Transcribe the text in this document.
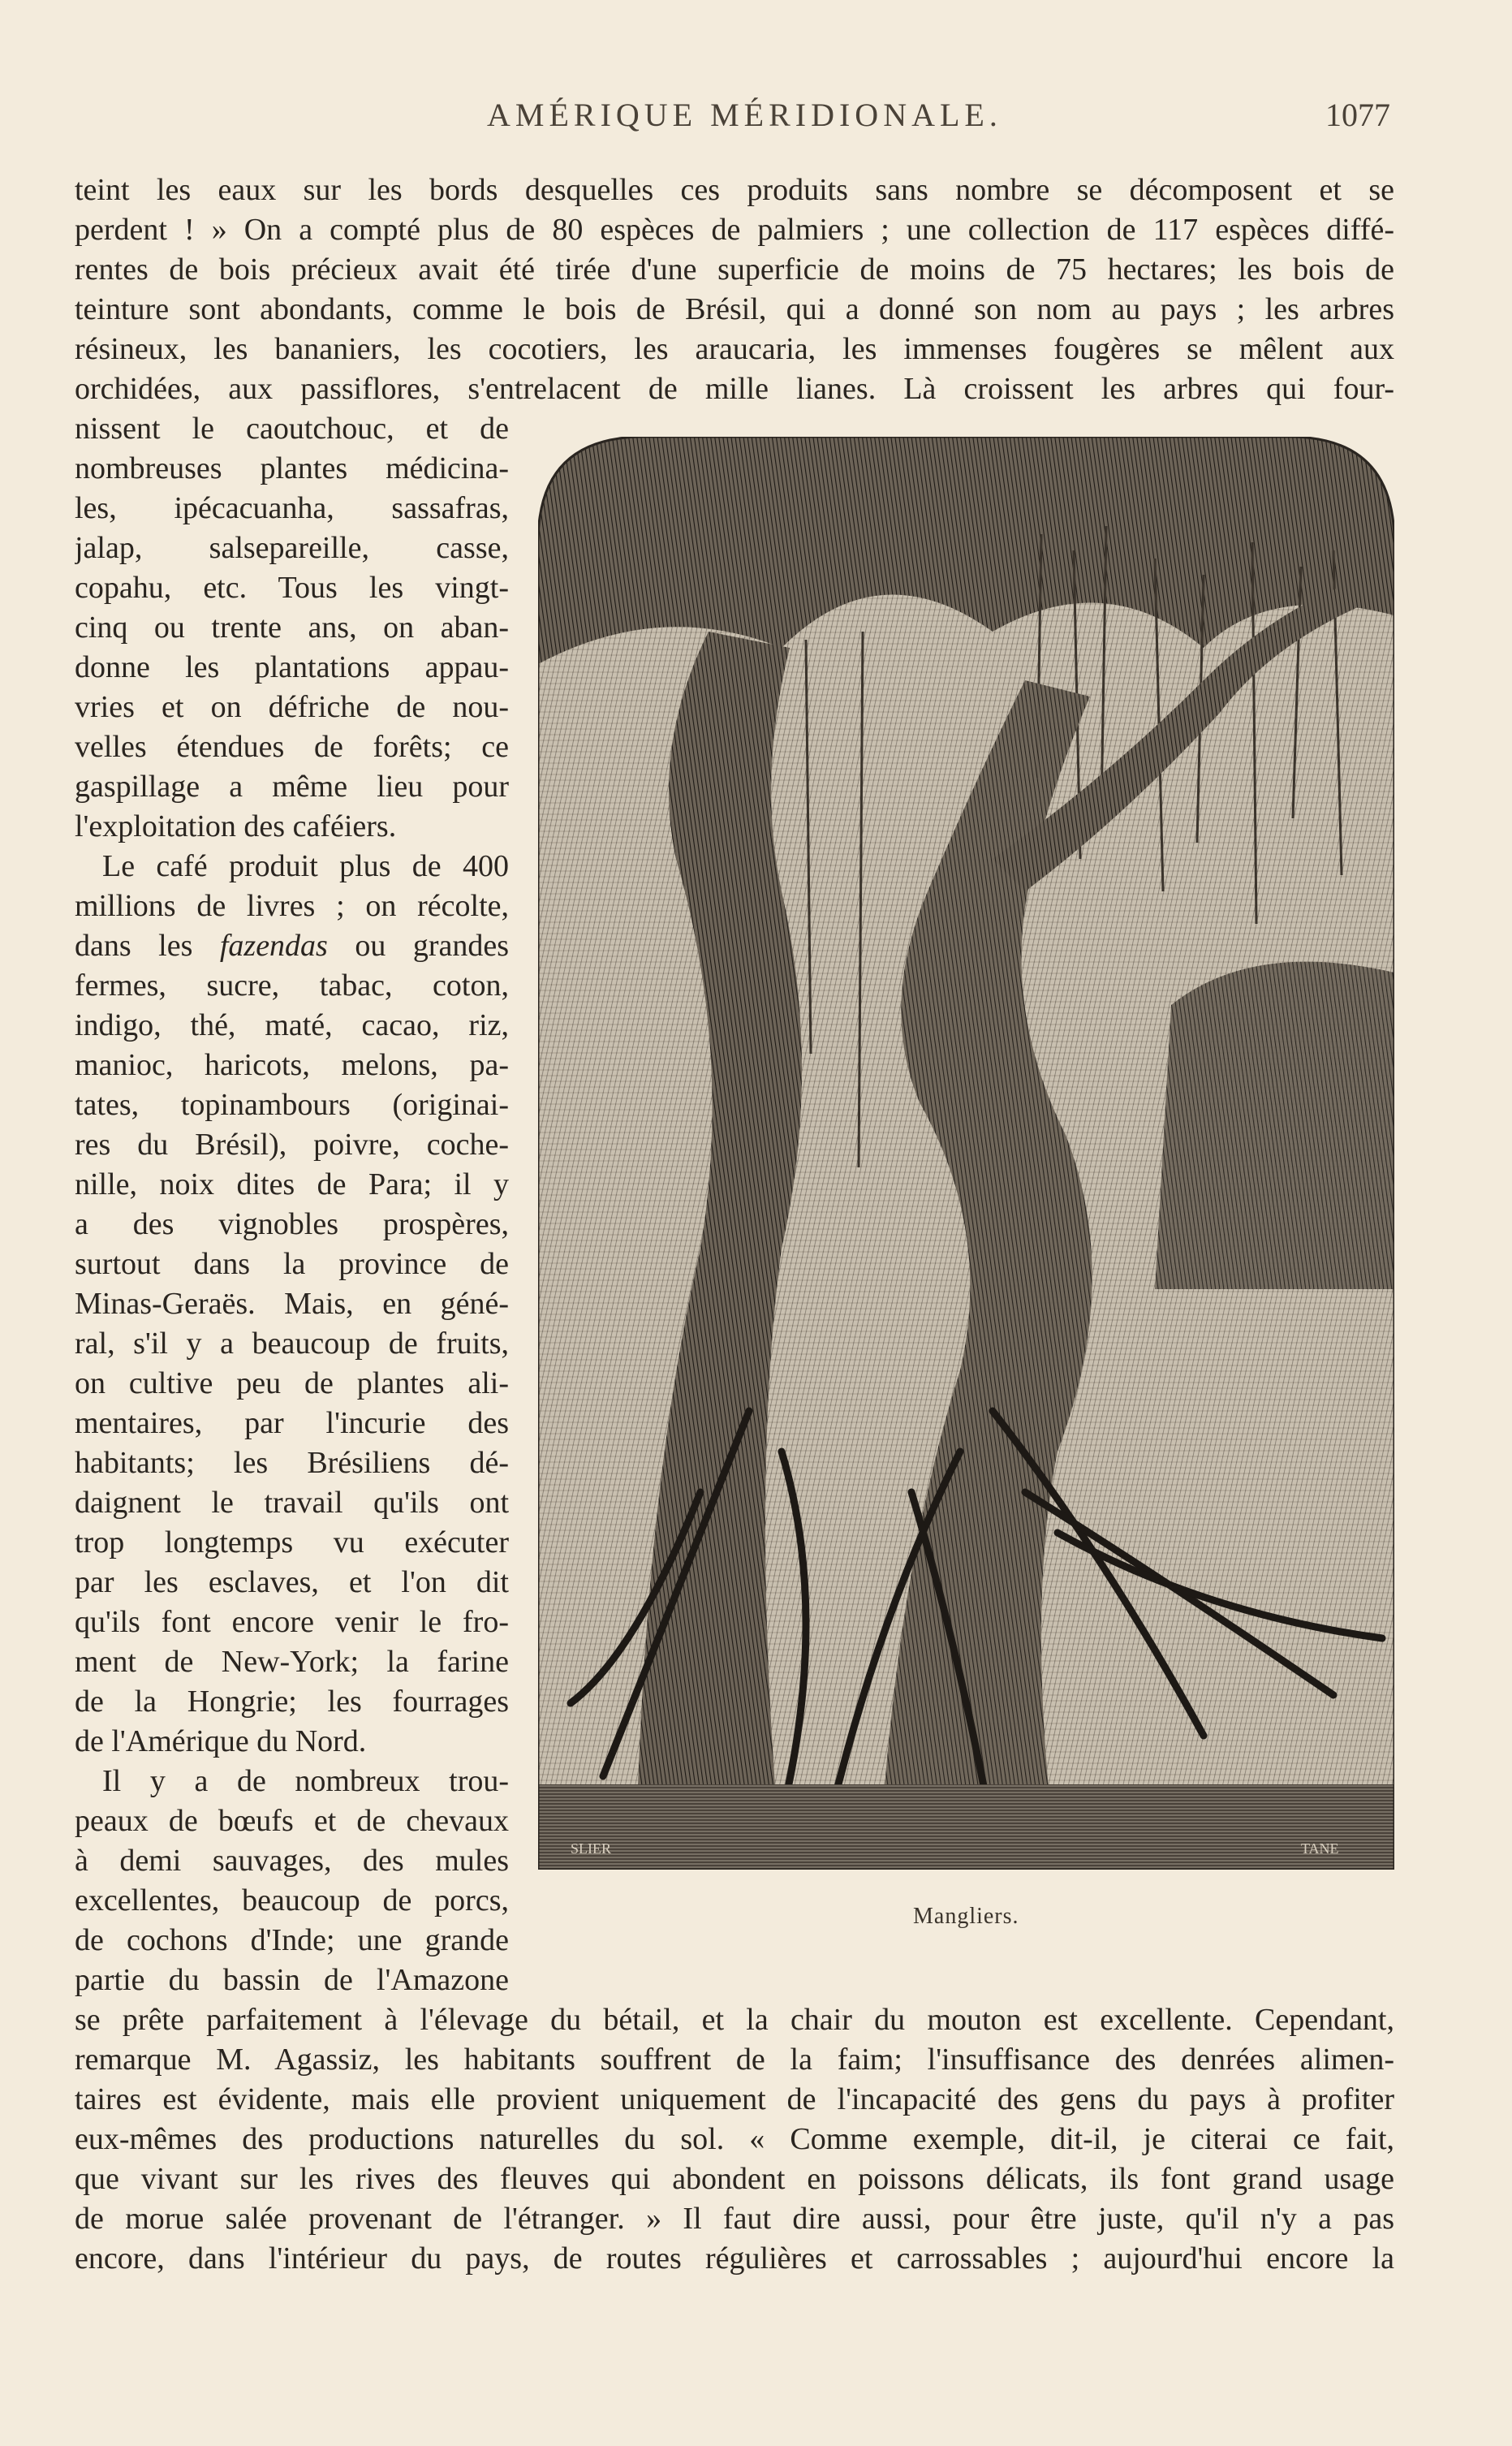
AMÉRIQUE MÉRIDIONALE.	1077
teint les eaux sur les bords desquelles ces produits sans nombre se décomposent et se
perdent ! » On a compté plus de 80 espèces de palmiers ; une collection de 117 espèces diffé-
rentes de bois précieux avait été tirée d'une superficie de moins de 75 hectares; les bois de
teinture sont abondants, comme le bois de Brésil, qui a donné son nom au pays ; les arbres
résineux, les bananiers, les cocotiers, les araucaria, les immenses fougères se mêlent aux
orchidées, aux passiflores, s'entrelacent de mille lianes. Là croissent les arbres qui four-
nissent le caoutchouc, et de
nombreuses plantes médicina-
les, ipécacuanha, sassafras,
jalap, salsepareille, casse,
copahu, etc. Tous les vingt-
cinq ou trente ans, on aban-
donne les plantations appau-
vries et on défriche de nou-
velles étendues de forêts; ce
gaspillage a même lieu pour
l'exploitation des caféiers.
Le café produit plus de 400
millions de livres ; on récolte,
dans les fazendas ou grandes
fermes, sucre, tabac, coton,
indigo, thé, maté, cacao, riz,
manioc, haricots, melons, pa-
tates, topinambours (originai-
res du Brésil), poivre, coche-
nille, noix dites de Para; il y
a des vignobles prospères,
surtout dans la province de
Minas-Geraës. Mais, en géné-
ral, s'il y a beaucoup de fruits,
on cultive peu de plantes ali-
mentaires, par l'incurie des
habitants; les Brésiliens dé-
daignent le travail qu'ils ont
trop longtemps vu exécuter
par les esclaves, et l'on dit
qu'ils font encore venir le fro-
ment de New-York; la farine
de la Hongrie; les fourrages
de l'Amérique du Nord.
Il y a de nombreux trou-
peaux de bœufs et de chevaux
à demi sauvages, des mules
excellentes, beaucoup de porcs,
de cochons d'Inde; une grande
partie du bassin de l'Amazone
se prête parfaitement à l'élevage du bétail, et la chair du mouton est excellente. Cependant,
remarque M. Agassiz, les habitants souffrent de la faim; l'insuffisance des denrées alimen-
taires est évidente, mais elle provient uniquement de l'incapacité des gens du pays à profiter
eux-mêmes des productions naturelles du sol. « Comme exemple, dit-il, je citerai ce fait,
que vivant sur les rives des fleuves qui abondent en poissons délicats, ils font grand usage
de morue salée provenant de l'étranger. » Il faut dire aussi, pour être juste, qu'il n'y a pas
encore, dans l'intérieur du pays, de routes régulières et carrossables ; aujourd'hui encore la
SLIER	TANE
Mangliers.
